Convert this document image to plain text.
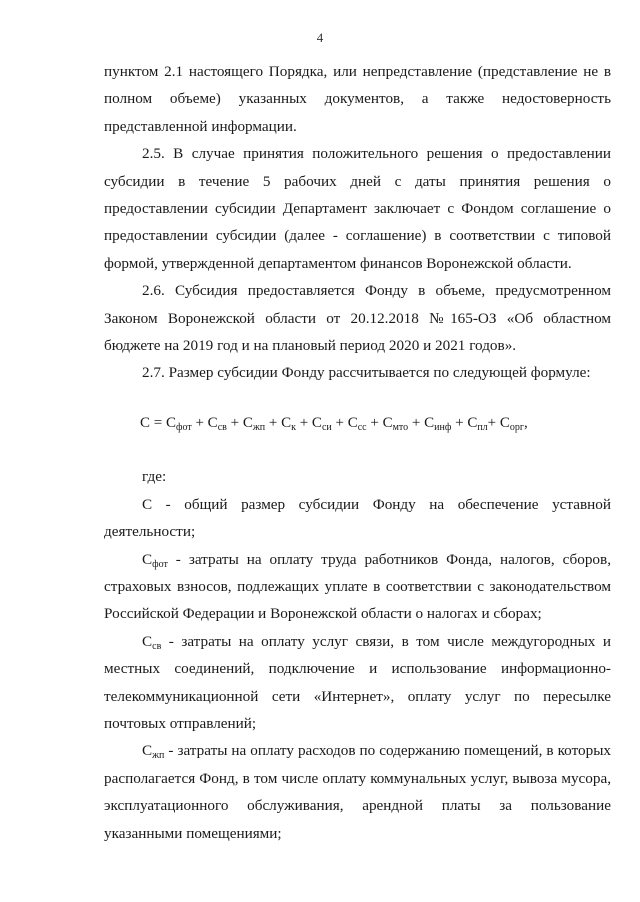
4

пунктом 2.1 настоящего Порядка, или непредставление (представление не в полном объеме) указанных документов, а также недостоверность представленной информации.

2.5. В случае принятия положительного решения о предоставлении субсидии в течение 5 рабочих дней с даты принятия решения о предоставлении субсидии Департамент заключает с Фондом соглашение о предоставлении субсидии (далее - соглашение) в соответствии с типовой формой, утвержденной департаментом финансов Воронежской области.

2.6. Субсидия предоставляется Фонду в объеме, предусмотренном Законом Воронежской области от 20.12.2018 №165-ОЗ «Об областном бюджете на 2019 год и на плановый период 2020 и 2021 годов».

2.7. Размер субсидии Фонду рассчитывается по следующей формуле:

$С = С_{фот} + С_{св} + С_{жп} + С_к + С_{си} + С_{сс} + С_{мто} + С_{инф} + С_{пл}+ С_{орг}$,

где:

С - общий размер субсидии Фонду на обеспечение уставной деятельности;

$С_{фот}$ - затраты на оплату труда работников Фонда, налогов, сборов, страховых взносов, подлежащих уплате в соответствии с законодательством Российской Федерации и Воронежской области о налогах и сборах;

$С_{св}$ - затраты на оплату услуг связи, в том числе междугородных и местных соединений, подключение и использование информационно-телекоммуникационной сети «Интернет», оплату услуг по пересылке почтовых отправлений;

$С_{жп}$ - затраты на оплату расходов по содержанию помещений, в которых располагается Фонд, в том числе оплату коммунальных услуг, вывоза мусора, эксплуатационного обслуживания, арендной платы за пользование указанными помещениями;
